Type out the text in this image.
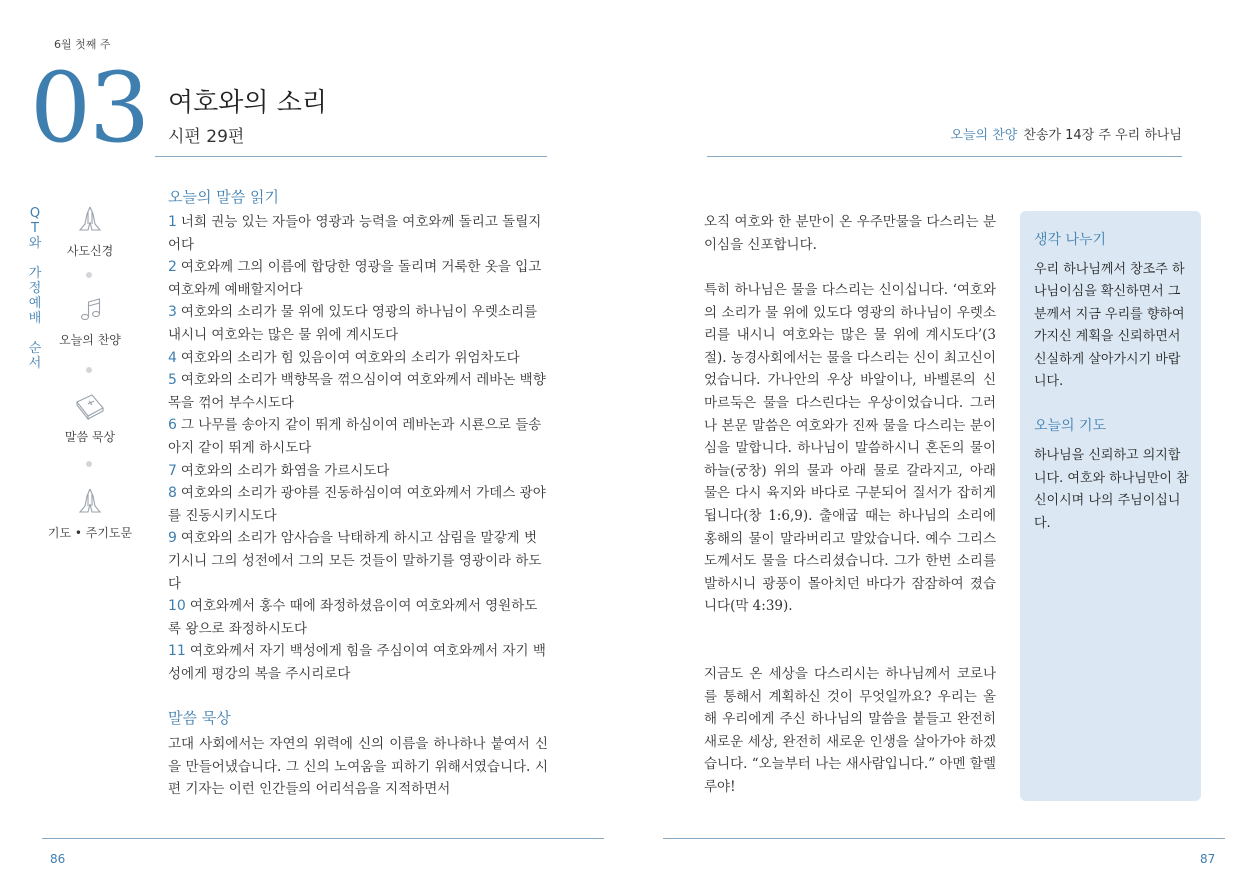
6월 첫째 주
03 여호와의 소리
시편 29편
Q
T
와

가
정
예
배

순
서
사도신경
오늘의 찬양
말씀 묵상
기도 • 주기도문
오늘의 말씀 읽기
1 너희 권능 있는 자들아 영광과 능력을 여호와께 돌리고 돌릴지어다
2 여호와께 그의 이름에 합당한 영광을 돌리며 거룩한 옷을 입고 여호와께 예배할지어다
3 여호와의 소리가 물 위에 있도다 영광의 하나님이 우렛소리를 내시니 여호와는 많은 물 위에 계시도다
4 여호와의 소리가 힘 있음이여 여호와의 소리가 위엄차도다
5 여호와의 소리가 백향목을 꺾으심이여 여호와께서 레바논 백향목을 꺾어 부수시도다
6 그 나무를 송아지 같이 뛰게 하심이여 레바논과 시룐으로 들송아지 같이 뛰게 하시도다
7 여호와의 소리가 화염을 가르시도다
8 여호와의 소리가 광야를 진동하심이여 여호와께서 가데스 광야를 진동시키시도다
9 여호와의 소리가 암사슴을 낙태하게 하시고 삼림을 말갛게 벗기시니 그의 성전에서 그의 모든 것들이 말하기를 영광이라 하도다
10 여호와께서 홍수 때에 좌정하셨음이여 여호와께서 영원하도록 왕으로 좌정하시도다
11 여호와께서 자기 백성에게 힘을 주심이여 여호와께서 자기 백성에게 평강의 복을 주시리로다
말씀 묵상
고대 사회에서는 자연의 위력에 신의 이름을 하나하나 붙여서 신을 만들어냈습니다. 그 신의 노여움을 피하기 위해서였습니다. 시편 기자는 이런 인간들의 어리석음을 지적하면서
86
오늘의 찬양 찬송가 14장 주 우리 하나님
오직 여호와 한 분만이 온 우주만물을 다스리는 분이심을 신포합니다.
특히 하나님은 물을 다스리는 신이십니다. ‘여호와의 소리가 물 위에 있도다 영광의 하나님이 우렛소리를 내시니 여호와는 많은 물 위에 계시도다’(3절). 농경사회에서는 물을 다스리는 신이 최고신이었습니다. 가나안의 우상 바알이나, 바벨론의 신 마르둑은 물을 다스린다는 우상이었습니다. 그러나 본문 말씀은 여호와가 진짜 물을 다스리는 분이심을 말합니다. 하나님이 말씀하시니 혼돈의 물이 하늘(궁창) 위의 물과 아래 물로 갈라지고, 아래 물은 다시 육지와 바다로 구분되어 질서가 잡히게 됩니다(창 1:6,9). 출애굽 때는 하나님의 소리에 홍해의 물이 말라버리고 말았습니다. 예수 그리스도께서도 물을 다스리셨습니다. 그가 한번 소리를 발하시니 광풍이 몰아치던 바다가 잠잠하여 졌습니다(막 4:39).
지금도 온 세상을 다스리시는 하나님께서 코로나를 통해서 계획하신 것이 무엇일까요? 우리는 올해 우리에게 주신 하나님의 말씀을 붙들고 완전히 새로운 세상, 완전히 새로운 인생을 살아가야 하겠습니다. “오늘부터 나는 새사람입니다.” 아멘 할렐루야!
생각 나누기
우리 하나님께서 창조주 하나님이심을 확신하면서 그분께서 지금 우리를 향하여 가지신 계획을 신뢰하면서 신실하게 살아가시기 바랍니다.
오늘의 기도
하나님을 신뢰하고 의지합니다. 여호와 하나님만이 참 신이시며 나의 주님이십니다.
87
